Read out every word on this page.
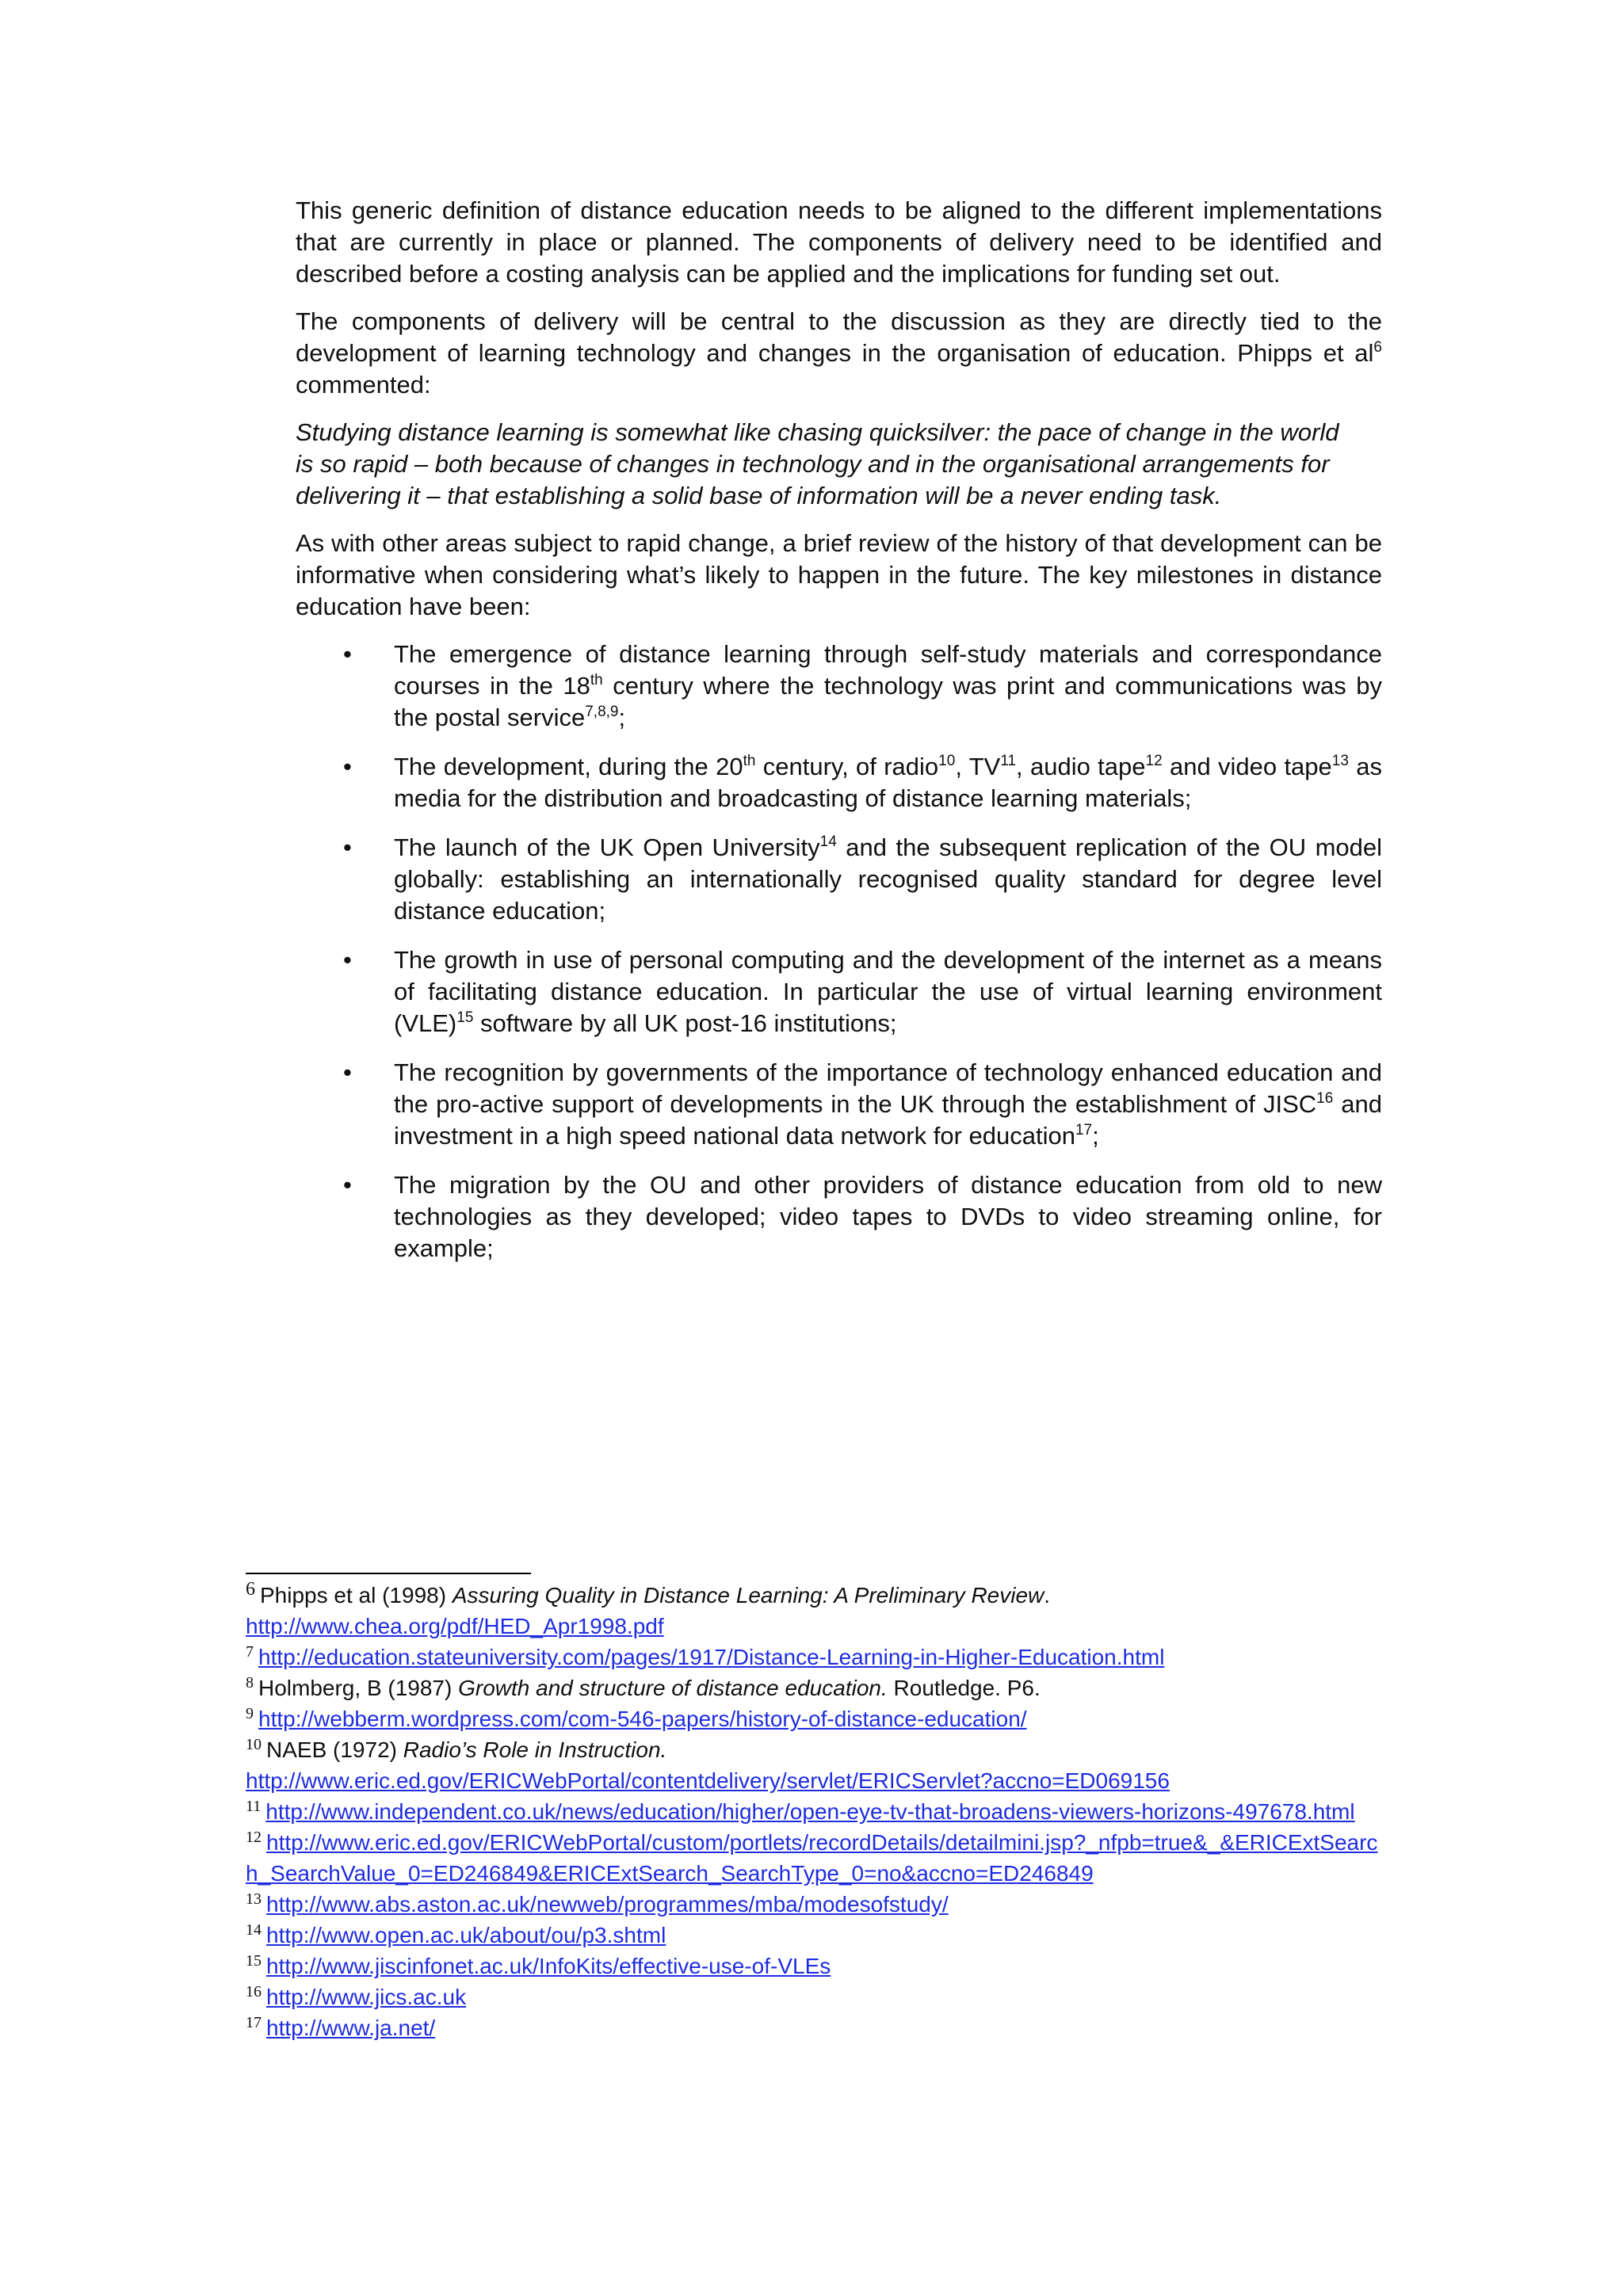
This generic definition of distance education needs to be aligned to the different implementations that are currently in place or planned. The components of delivery need to be identified and described before a costing analysis can be applied and the implications for funding set out.

The components of delivery will be central to the discussion as they are directly tied to the development of learning technology and changes in the organisation of education. Phipps et $al^6$ commented:

Studying distance learning is somewhat like chasing quicksilver: the pace of change in the world is so rapid – both because of changes in technology and in the organisational arrangements for delivering it – that establishing a solid base of information will be a never ending task.

As with other areas subject to rapid change, a brief review of the history of that development can be informative when considering what’s likely to happen in the future. The key milestones in distance education have been:

• The emergence of distance learning through self-study materials and correspondance courses in the 18th century where the technology was print and communications was by the postal service$^{7,8,9}$;
• The development, during the 20th century, of radio$^{10}$, TV$^{11}$, audio tape$^{12}$ and video tape$^{13}$ as media for the distribution and broadcasting of distance learning materials;
• The launch of the UK Open University$^{14}$ and the subsequent replication of the OU model globally: establishing an internationally recognised quality standard for degree level distance education;
• The growth in use of personal computing and the development of the internet as a means of facilitating distance education. In particular the use of virtual learning environment (VLE)$^{15}$ software by all UK post-16 institutions;
• The recognition by governments of the importance of technology enhanced education and the pro-active support of developments in the UK through the establishment of JISC$^{16}$ and investment in a high speed national data network for education$^{17}$;
• The migration by the OU and other providers of distance education from old to new technologies as they developed; video tapes to DVDs to video streaming online, for example;
6 Phipps et al (1998) Assuring Quality in Distance Learning: A Preliminary Review.
http://www.chea.org/pdf/HED_Apr1998.pdf
$^7$ http://education.stateuniversity.com/pages/1917/Distance-Learning-in-Higher-Education.html
$^8$ Holmberg, B (1987) Growth and structure of distance education. Routledge. P6.
$^9$ http://webberm.wordpress.com/com-546-papers/history-of-distance-education/
$^{10}$ NAEB (1972) Radio’s Role in Instruction.
http://www.eric.ed.gov/ERICWebPortal/contentdelivery/servlet/ERICServlet?accno=ED069156
$^{11}$ http://www.independent.co.uk/news/education/higher/open-eye-tv-that-broadens-viewers-horizons-497678.html
$^{12}$ http://www.eric.ed.gov/ERICWebPortal/custom/portlets/recordDetails/detailmini.jsp?_nfpb=true&_&ERICExtSearch_SearchValue_0=ED246849&ERICExtSearch_SearchType_0=no&accno=ED246849
$^{13}$ http://www.abs.aston.ac.uk/newweb/programmes/mba/modesofstudy/
$^{14}$ http://www.open.ac.uk/about/ou/p3.shtml
$^{15}$ http://www.jiscinfonet.ac.uk/InfoKits/effective-use-of-VLEs
$^{16}$ http://www.jics.ac.uk
$^{17}$ http://www.ja.net/
